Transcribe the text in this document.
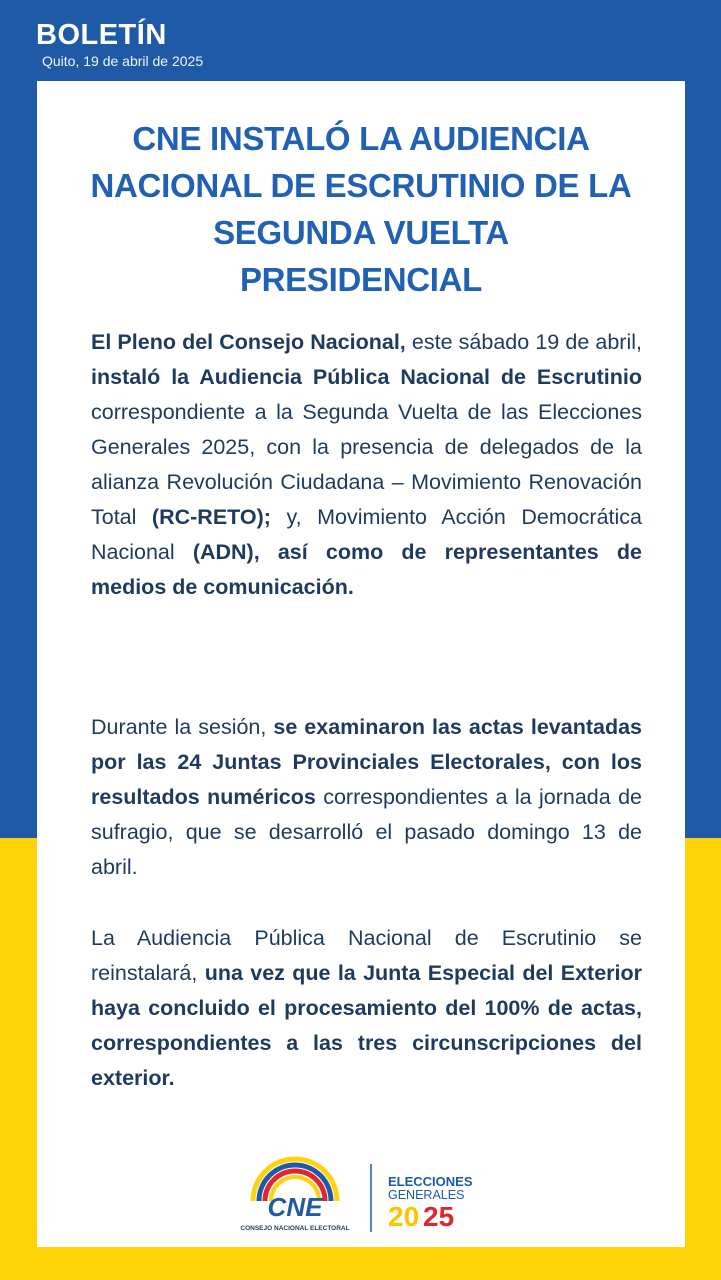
BOLETÍN
Quito, 19 de abril de 2025
CNE INSTALÓ LA AUDIENCIA NACIONAL DE ESCRUTINIO DE LA SEGUNDA VUELTA PRESIDENCIAL
El Pleno del Consejo Nacional, este sábado 19 de abril, instaló la Audiencia Pública Nacional de Escrutinio correspondiente a la Segunda Vuelta de las Elecciones Generales 2025, con la presencia de delegados de la alianza Revolución Ciudadana – Movimiento Renovación Total (RC-RETO); y, Movimiento Acción Democrática Nacional (ADN), así como de representantes de medios de comunicación.
Durante la sesión, se examinaron las actas levantadas por las 24 Juntas Provinciales Electorales, con los resultados numéricos correspondientes a la jornada de sufragio, que se desarrolló el pasado domingo 13 de abril.
La Audiencia Pública Nacional de Escrutinio se reinstalará, una vez que la Junta Especial del Exterior haya concluido el procesamiento del 100% de actas, correspondientes a las tres circunscripciones del exterior.
CNE
CONSEJO NACIONAL ELECTORAL
ELECCIONES
GENERALES
20 25
